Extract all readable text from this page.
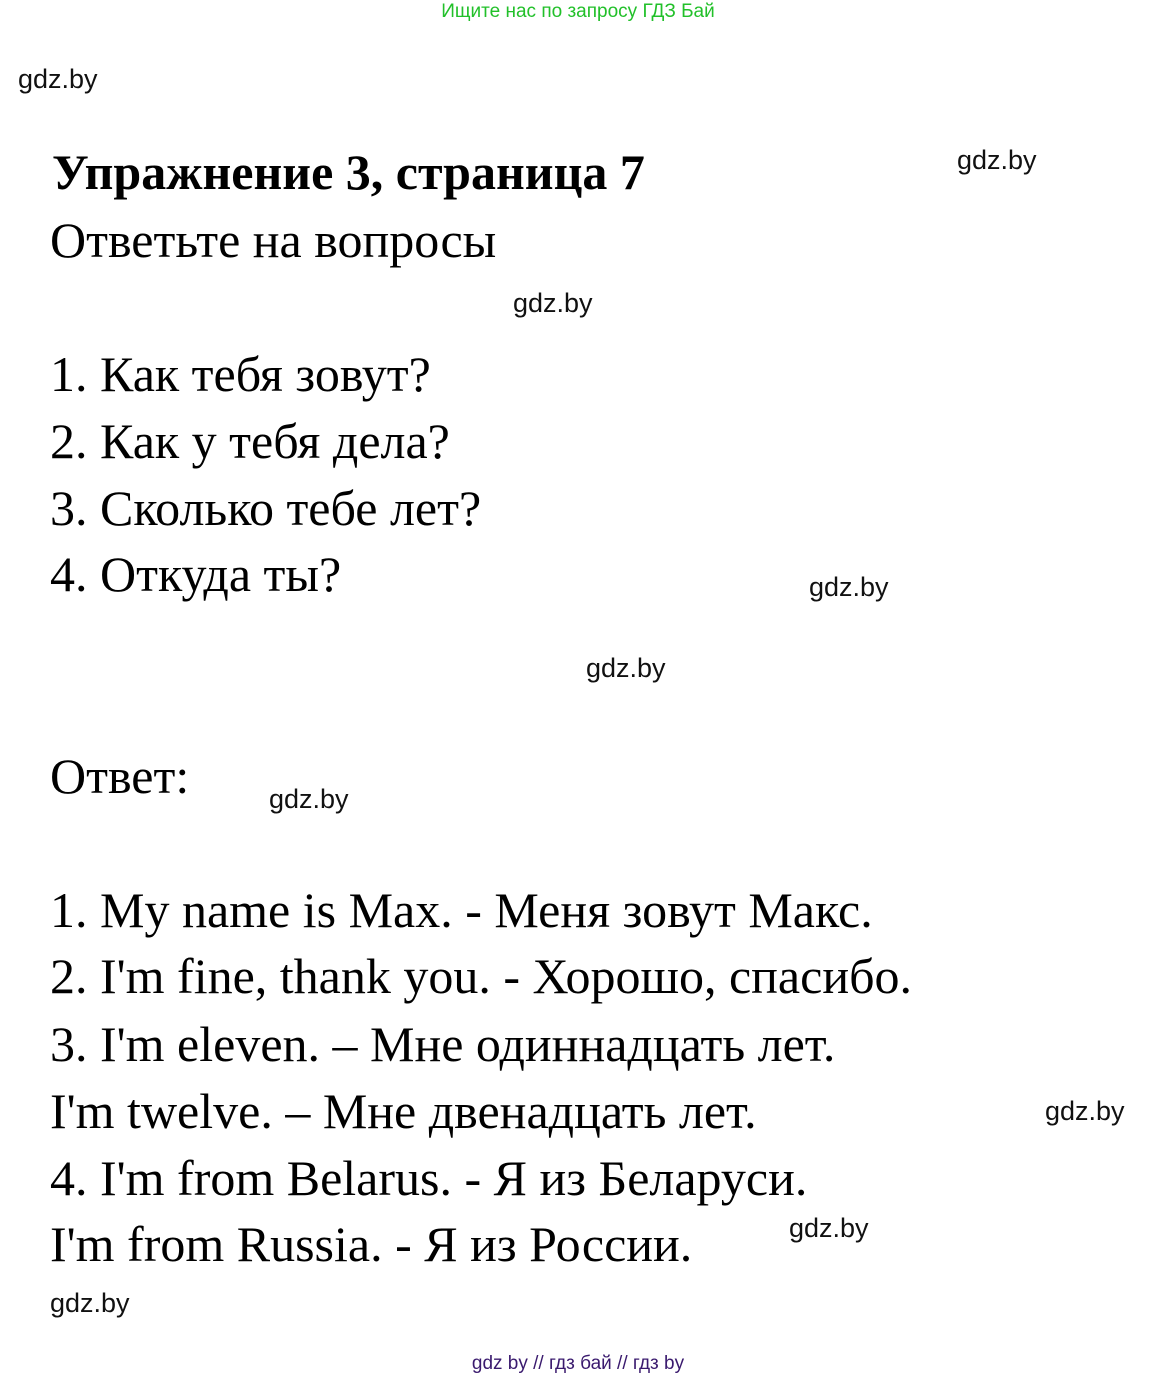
Ищите нас по запросу ГДЗ Бай
gdz.by
gdz.by
gdz.by
gdz.by
gdz.by
gdz.by
gdz.by
gdz.by
gdz.by
Упражнение 3, страница 7
Ответьте на вопросы
1. Как тебя зовут?
2. Как у тебя дела?
3. Сколько тебе лет?
4. Откуда ты?
Ответ:
1. My name is Max. - Меня зовут Макс.
2. I'm fine, thank you. - Хорошо, спасибо.
3. I'm eleven. – Мне одиннадцать лет.
I'm twelve. – Мне двенадцать лет.
4. I'm from Belarus. - Я из Беларуси.
I'm from Russia. - Я из России.
gdz by // гдз бай // гдз by
